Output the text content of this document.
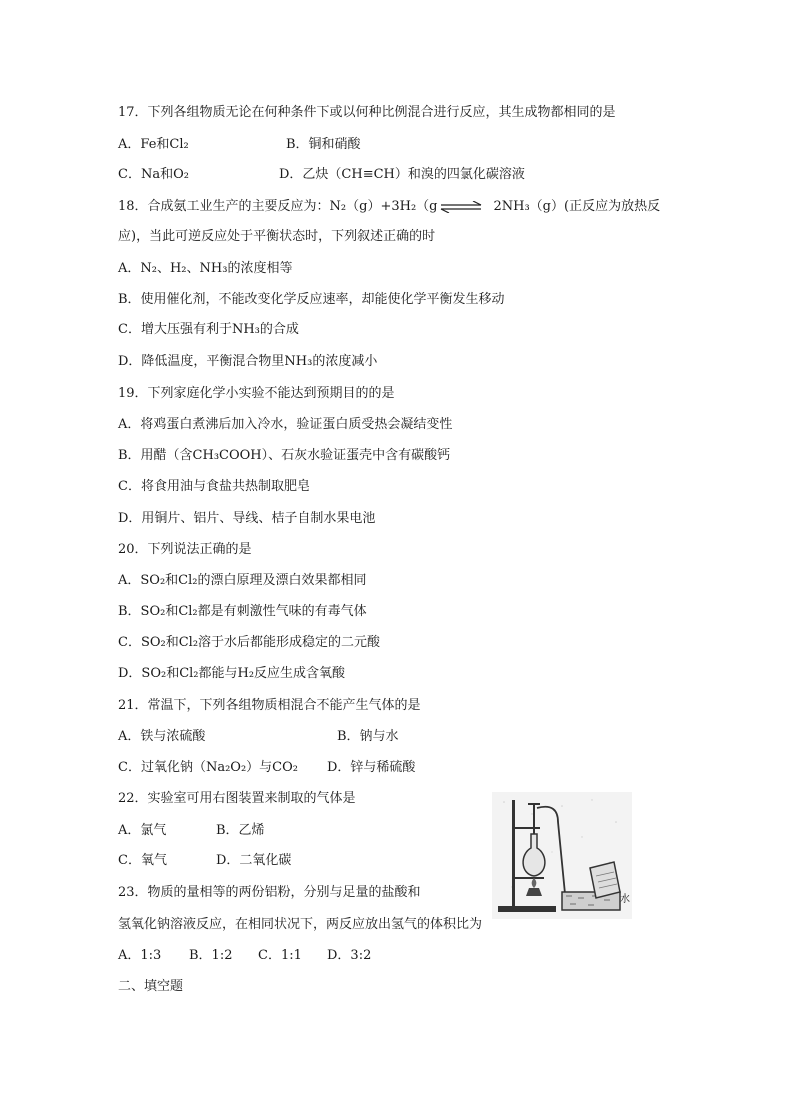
17．下列各组物质无论在何种条件下或以何种比例混合进行反应，其生成物都相同的是
A．Fe和Cl₂	B．铜和硝酸
C．Na和O₂	D．乙炔（CH≡CH）和溴的四氯化碳溶液
18．合成氨工业生产的主要反应为：N₂（g）+3H₂（g ⇌ 2NH₃（g）(正反应为放热反
应)，当此可逆反应处于平衡状态时，下列叙述正确的时
A．N₂、H₂、NH₃的浓度相等
B．使用催化剂，不能改变化学反应速率，却能使化学平衡发生移动
C．增大压强有利于NH₃的合成
D．降低温度，平衡混合物里NH₃的浓度减小
19．下列家庭化学小实验不能达到预期目的的是
A．将鸡蛋白煮沸后加入冷水，验证蛋白质受热会凝结变性
B．用醋（含CH₃COOH）、石灰水验证蛋壳中含有碳酸钙
C．将食用油与食盐共热制取肥皂
D．用铜片、铝片、导线、桔子自制水果电池
20．下列说法正确的是
A．SO₂和Cl₂的漂白原理及漂白效果都相同
B．SO₂和Cl₂都是有刺激性气味的有毒气体
C．SO₂和Cl₂溶于水后都能形成稳定的二元酸
D．SO₂和Cl₂都能与H₂反应生成含氧酸
21．常温下，下列各组物质相混合不能产生气体的是
A．铁与浓硫酸	B．钠与水
C．过氧化钠（Na₂O₂）与CO₂ D．锌与稀硫酸
22．实验室可用右图装置来制取的气体是
A．氯气	B．乙烯
C．氧气	D．二氧化碳
水
23．物质的量相等的两份铝粉，分别与足量的盐酸和
氢氧化钠溶液反应，在相同状况下，两反应放出氢气的体积比为
A．1:3 B．1:2 C．1:1 D．3:2
二、填空题
